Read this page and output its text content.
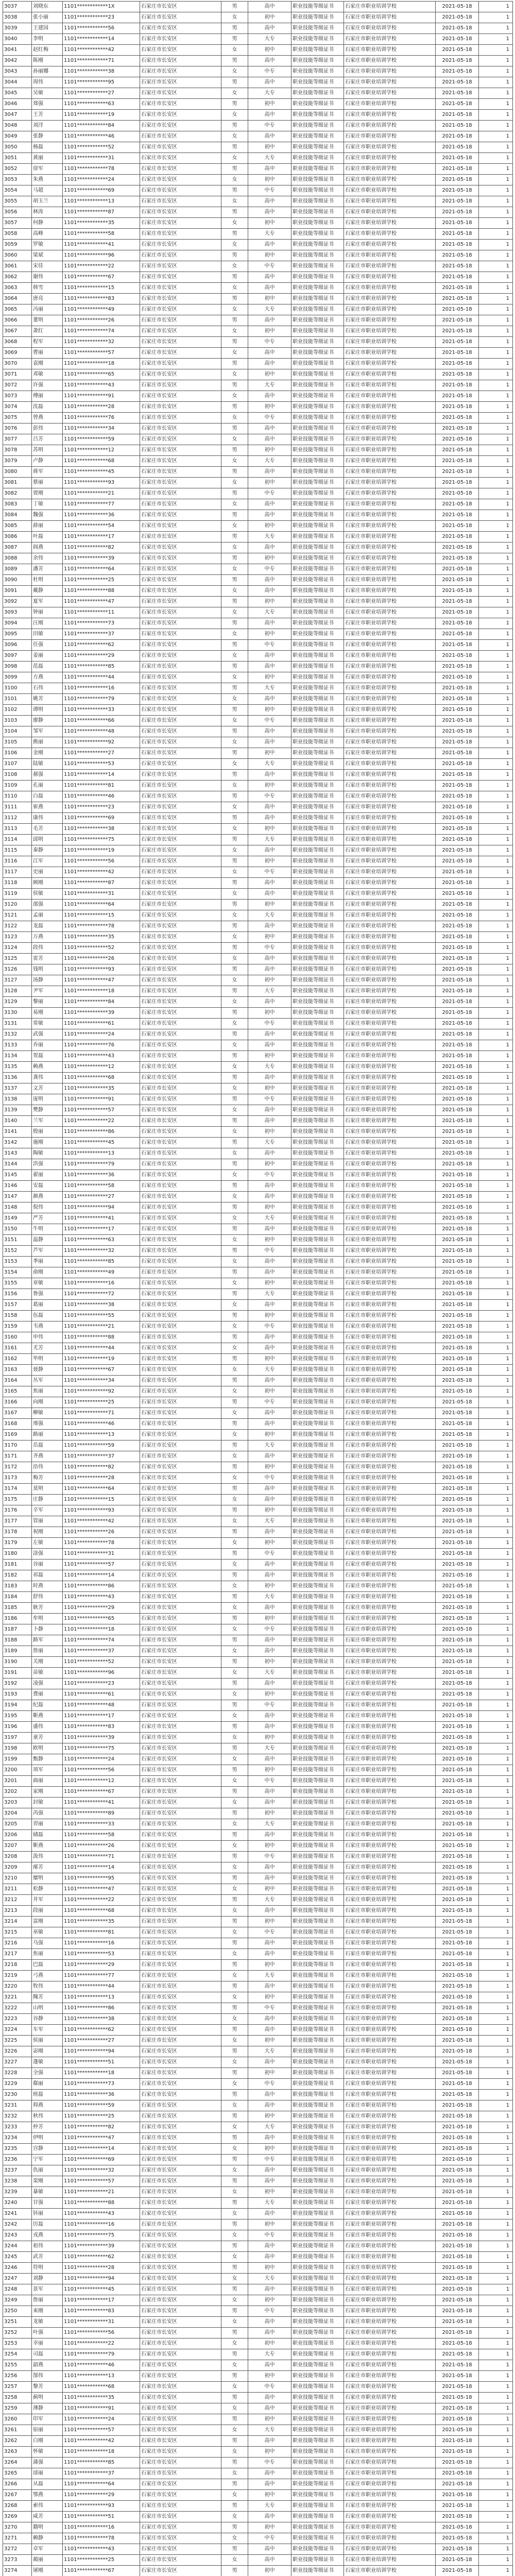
3037	刘晓东	1101************1X	石家庄市长安区	男	高中	职业技能等级证书	石家庄市职业培训学校	2021-05-18	1
3038	张小丽	1101************23	石家庄市长安区	女	初中	职业技能等级证书	石家庄市职业培训学校	2021-05-18	1
3039	王建国	1101************56	石家庄市长安区	男	高中	职业技能等级证书	石家庄市职业培训学校	2021-05-18	1
3040	李明	1101************14	石家庄市长安区	男	大专	职业技能等级证书	石家庄市职业培训学校	2021-05-18	1
3041	赵红梅	1101************42	石家庄市长安区	女	初中	职业技能等级证书	石家庄市职业培训学校	2021-05-18	1
3042	陈刚	1101************71	石家庄市长安区	男	高中	职业技能等级证书	石家庄市职业培训学校	2021-05-18	1
3043	孙丽娜	1101************38	石家庄市长安区	女	中专	职业技能等级证书	石家庄市职业培训学校	2021-05-18	1
3044	周伟	1101************95	石家庄市长安区	男	高中	职业技能等级证书	石家庄市职业培训学校	2021-05-18	1
3045	吴敏	1101************27	石家庄市长安区	女	大专	职业技能等级证书	石家庄市职业培训学校	2021-05-18	1
3046	郑强	1101************63	石家庄市长安区	男	初中	职业技能等级证书	石家庄市职业培训学校	2021-05-18	1
3047	王芳	1101************19	石家庄市长安区	女	高中	职业技能等级证书	石家庄市职业培训学校	2021-05-18	1
3048	刘洋	1101************84	石家庄市长安区	男	中专	职业技能等级证书	石家庄市职业培训学校	2021-05-18	1
3049	张静	1101************46	石家庄市长安区	女	高中	职业技能等级证书	石家庄市职业培训学校	2021-05-18	1
3050	杨磊	1101************52	石家庄市长安区	男	初中	职业技能等级证书	石家庄市职业培训学校	2021-05-18	1
3051	黄丽	1101************31	石家庄市长安区	女	大专	职业技能等级证书	石家庄市职业培训学校	2021-05-18	1
3052	徐军	1101************78	石家庄市长安区	男	高中	职业技能等级证书	石家庄市职业培训学校	2021-05-18	1
3053	朱燕	1101************24	石家庄市长安区	女	初中	职业技能等级证书	石家庄市职业培训学校	2021-05-18	1
3054	马超	1101************69	石家庄市长安区	男	中专	职业技能等级证书	石家庄市职业培训学校	2021-05-18	1
3055	胡玉兰	1101************13	石家庄市长安区	女	高中	职业技能等级证书	石家庄市职业培训学校	2021-05-18	1
3056	林涛	1101************87	石家庄市长安区	男	高中	职业技能等级证书	石家庄市职业培训学校	2021-05-18	1
3057	何静	1101************35	石家庄市长安区	女	初中	职业技能等级证书	石家庄市职业培训学校	2021-05-18	1
3058	高峰	1101************58	石家庄市长安区	男	大专	职业技能等级证书	石家庄市职业培训学校	2021-05-18	1
3059	罗敏	1101************41	石家庄市长安区	女	高中	职业技能等级证书	石家庄市职业培训学校	2021-05-18	1
3060	梁斌	1101************96	石家庄市长安区	男	初中	职业技能等级证书	石家庄市职业培训学校	2021-05-18	1
3061	宋佳	1101************22	石家庄市长安区	女	中专	职业技能等级证书	石家庄市职业培训学校	2021-05-18	1
3062	谢伟	1101************67	石家庄市长安区	男	高中	职业技能等级证书	石家庄市职业培训学校	2021-05-18	1
3063	韩雪	1101************15	石家庄市长安区	女	高中	职业技能等级证书	石家庄市职业培训学校	2021-05-18	1
3064	唐亮	1101************83	石家庄市长安区	男	初中	职业技能等级证书	石家庄市职业培训学校	2021-05-18	1
3065	冯丽	1101************49	石家庄市长安区	女	大专	职业技能等级证书	石家庄市职业培训学校	2021-05-18	1
3066	董明	1101************26	石家庄市长安区	男	高中	职业技能等级证书	石家庄市职业培训学校	2021-05-18	1
3067	萧红	1101************74	石家庄市长安区	女	初中	职业技能等级证书	石家庄市职业培训学校	2021-05-18	1
3068	程军	1101************32	石家庄市长安区	男	中专	职业技能等级证书	石家庄市职业培训学校	2021-05-18	1
3069	曹丽	1101************57	石家庄市长安区	女	高中	职业技能等级证书	石家庄市职业培训学校	2021-05-18	1
3070	袁刚	1101************18	石家庄市长安区	男	高中	职业技能等级证书	石家庄市职业培训学校	2021-05-18	1
3071	邓敏	1101************65	石家庄市长安区	女	初中	职业技能等级证书	石家庄市职业培训学校	2021-05-18	1
3072	许强	1101************43	石家庄市长安区	男	大专	职业技能等级证书	石家庄市职业培训学校	2021-05-18	1
3073	傅丽	1101************91	石家庄市长安区	女	高中	职业技能等级证书	石家庄市职业培训学校	2021-05-18	1
3074	沈磊	1101************28	石家庄市长安区	男	初中	职业技能等级证书	石家庄市职业培训学校	2021-05-18	1
3075	曾燕	1101************76	石家庄市长安区	女	中专	职业技能等级证书	石家庄市职业培训学校	2021-05-18	1
3076	彭伟	1101************34	石家庄市长安区	男	高中	职业技能等级证书	石家庄市职业培训学校	2021-05-18	1
3077	吕芳	1101************59	石家庄市长安区	女	高中	职业技能等级证书	石家庄市职业培训学校	2021-05-18	1
3078	苏明	1101************12	石家庄市长安区	男	初中	职业技能等级证书	石家庄市职业培训学校	2021-05-18	1
3079	卢静	1101************68	石家庄市长安区	女	大专	职业技能等级证书	石家庄市职业培训学校	2021-05-18	1
3080	蒋军	1101************45	石家庄市长安区	男	高中	职业技能等级证书	石家庄市职业培训学校	2021-05-18	1
3081	蔡丽	1101************93	石家庄市长安区	女	初中	职业技能等级证书	石家庄市职业培训学校	2021-05-18	1
3082	贾刚	1101************21	石家庄市长安区	男	中专	职业技能等级证书	石家庄市职业培训学校	2021-05-18	1
3083	丁敏	1101************77	石家庄市长安区	女	高中	职业技能等级证书	石家庄市职业培训学校	2021-05-18	1
3084	魏强	1101************36	石家庄市长安区	男	高中	职业技能等级证书	石家庄市职业培训学校	2021-05-18	1
3085	薛丽	1101************54	石家庄市长安区	女	初中	职业技能等级证书	石家庄市职业培训学校	2021-05-18	1
3086	叶磊	1101************17	石家庄市长安区	男	大专	职业技能等级证书	石家庄市职业培训学校	2021-05-18	1
3087	阎燕	1101************82	石家庄市长安区	女	高中	职业技能等级证书	石家庄市职业培训学校	2021-05-18	1
3088	余伟	1101************39	石家庄市长安区	男	初中	职业技能等级证书	石家庄市职业培训学校	2021-05-18	1
3089	潘芳	1101************64	石家庄市长安区	女	中专	职业技能等级证书	石家庄市职业培训学校	2021-05-18	1
3090	杜明	1101************25	石家庄市长安区	男	高中	职业技能等级证书	石家庄市职业培训学校	2021-05-18	1
3091	戴静	1101************88	石家庄市长安区	女	高中	职业技能等级证书	石家庄市职业培训学校	2021-05-18	1
3092	夏军	1101************47	石家庄市长安区	男	初中	职业技能等级证书	石家庄市职业培训学校	2021-05-18	1
3093	钟丽	1101************11	石家庄市长安区	女	大专	职业技能等级证书	石家庄市职业培训学校	2021-05-18	1
3094	汪刚	1101************73	石家庄市长安区	男	高中	职业技能等级证书	石家庄市职业培训学校	2021-05-18	1
3095	田敏	1101************37	石家庄市长安区	女	初中	职业技能等级证书	石家庄市职业培训学校	2021-05-18	1
3096	任强	1101************62	石家庄市长安区	男	中专	职业技能等级证书	石家庄市职业培训学校	2021-05-18	1
3097	姜丽	1101************29	石家庄市长安区	女	高中	职业技能等级证书	石家庄市职业培训学校	2021-05-18	1
3098	范磊	1101************85	石家庄市长安区	男	高中	职业技能等级证书	石家庄市职业培训学校	2021-05-18	1
3099	方燕	1101************44	石家庄市长安区	女	初中	职业技能等级证书	石家庄市职业培训学校	2021-05-18	1
3100	石伟	1101************16	石家庄市长安区	男	大专	职业技能等级证书	石家庄市职业培训学校	2021-05-18	1
3101	姚芳	1101************79	石家庄市长安区	女	高中	职业技能等级证书	石家庄市职业培训学校	2021-05-18	1
3102	谭明	1101************33	石家庄市长安区	男	初中	职业技能等级证书	石家庄市职业培训学校	2021-05-18	1
3103	廖静	1101************66	石家庄市长安区	女	中专	职业技能等级证书	石家庄市职业培训学校	2021-05-18	1
3104	邹军	1101************48	石家庄市长安区	男	高中	职业技能等级证书	石家庄市职业培训学校	2021-05-18	1
3105	熊丽	1101************92	石家庄市长安区	女	高中	职业技能等级证书	石家庄市职业培训学校	2021-05-18	1
3106	金刚	1101************27	石家庄市长安区	男	初中	职业技能等级证书	石家庄市职业培训学校	2021-05-18	1
3107	陆敏	1101************53	石家庄市长安区	女	大专	职业技能等级证书	石家庄市职业培训学校	2021-05-18	1
3108	郝强	1101************14	石家庄市长安区	男	高中	职业技能等级证书	石家庄市职业培训学校	2021-05-18	1
3109	孔丽	1101************81	石家庄市长安区	女	初中	职业技能等级证书	石家庄市职业培训学校	2021-05-18	1
3110	白磊	1101************46	石家庄市长安区	男	中专	职业技能等级证书	石家庄市职业培训学校	2021-05-18	1
3111	崔燕	1101************23	石家庄市长安区	女	高中	职业技能等级证书	石家庄市职业培训学校	2021-05-18	1
3112	康伟	1101************69	石家庄市长安区	男	高中	职业技能等级证书	石家庄市职业培训学校	2021-05-18	1
3113	毛芳	1101************38	石家庄市长安区	女	初中	职业技能等级证书	石家庄市职业培训学校	2021-05-18	1
3114	邱明	1101************75	石家庄市长安区	男	大专	职业技能等级证书	石家庄市职业培训学校	2021-05-18	1
3115	秦静	1101************19	石家庄市长安区	女	高中	职业技能等级证书	石家庄市职业培训学校	2021-05-18	1
3116	江军	1101************56	石家庄市长安区	男	初中	职业技能等级证书	石家庄市职业培训学校	2021-05-18	1
3117	史丽	1101************42	石家庄市长安区	女	中专	职业技能等级证书	石家庄市职业培训学校	2021-05-18	1
3118	顾刚	1101************87	石家庄市长安区	男	高中	职业技能等级证书	石家庄市职业培训学校	2021-05-18	1
3119	侯敏	1101************31	石家庄市长安区	女	高中	职业技能等级证书	石家庄市职业培训学校	2021-05-18	1
3120	邵强	1101************64	石家庄市长安区	男	初中	职业技能等级证书	石家庄市职业培训学校	2021-05-18	1
3121	孟丽	1101************15	石家庄市长安区	女	大专	职业技能等级证书	石家庄市职业培训学校	2021-05-18	1
3122	龙磊	1101************78	石家庄市长安区	男	高中	职业技能等级证书	石家庄市职业培训学校	2021-05-18	1
3123	万燕	1101************35	石家庄市长安区	女	初中	职业技能等级证书	石家庄市职业培训学校	2021-05-18	1
3124	段伟	1101************52	石家庄市长安区	男	中专	职业技能等级证书	石家庄市职业培训学校	2021-05-18	1
3125	雷芳	1101************26	石家庄市长安区	女	高中	职业技能等级证书	石家庄市职业培训学校	2021-05-18	1
3126	钱明	1101************93	石家庄市长安区	男	高中	职业技能等级证书	石家庄市职业培训学校	2021-05-18	1
3127	汤静	1101************47	石家庄市长安区	女	初中	职业技能等级证书	石家庄市职业培训学校	2021-05-18	1
3128	尹军	1101************18	石家庄市长安区	男	大专	职业技能等级证书	石家庄市职业培训学校	2021-05-18	1
3129	黎丽	1101************84	石家庄市长安区	女	高中	职业技能等级证书	石家庄市职业培训学校	2021-05-18	1
3130	易刚	1101************39	石家庄市长安区	男	初中	职业技能等级证书	石家庄市职业培训学校	2021-05-18	1
3131	常敏	1101************61	石家庄市长安区	女	中专	职业技能等级证书	石家庄市职业培训学校	2021-05-18	1
3132	武强	1101************24	石家庄市长安区	男	高中	职业技能等级证书	石家庄市职业培训学校	2021-05-18	1
3133	乔丽	1101************76	石家庄市长安区	女	高中	职业技能等级证书	石家庄市职业培训学校	2021-05-18	1
3134	贺磊	1101************43	石家庄市长安区	男	初中	职业技能等级证书	石家庄市职业培训学校	2021-05-18	1
3135	赖燕	1101************12	石家庄市长安区	女	大专	职业技能等级证书	石家庄市职业培训学校	2021-05-18	1
3136	龚伟	1101************68	石家庄市长安区	男	高中	职业技能等级证书	石家庄市职业培训学校	2021-05-18	1
3137	文芳	1101************35	石家庄市长安区	女	初中	职业技能等级证书	石家庄市职业培训学校	2021-05-18	1
3138	庞明	1101************91	石家庄市长安区	男	中专	职业技能等级证书	石家庄市职业培训学校	2021-05-18	1
3139	樊静	1101************57	石家庄市长安区	女	高中	职业技能等级证书	石家庄市职业培训学校	2021-05-18	1
3140	兰军	1101************22	石家庄市长安区	男	高中	职业技能等级证书	石家庄市职业培训学校	2021-05-18	1
3141	殷丽	1101************86	石家庄市长安区	女	初中	职业技能等级证书	石家庄市职业培训学校	2021-05-18	1
3142	施刚	1101************45	石家庄市长安区	男	大专	职业技能等级证书	石家庄市职业培训学校	2021-05-18	1
3143	陶敏	1101************13	石家庄市长安区	女	高中	职业技能等级证书	石家庄市职业培训学校	2021-05-18	1
3144	洪强	1101************79	石家庄市长安区	男	初中	职业技能等级证书	石家庄市职业培训学校	2021-05-18	1
3145	翟丽	1101************36	石家庄市长安区	女	中专	职业技能等级证书	石家庄市职业培训学校	2021-05-18	1
3146	安磊	1101************58	石家庄市长安区	男	高中	职业技能等级证书	石家庄市职业培训学校	2021-05-18	1
3147	颜燕	1101************27	石家庄市长安区	女	高中	职业技能等级证书	石家庄市职业培训学校	2021-05-18	1
3148	倪伟	1101************94	石家庄市长安区	男	初中	职业技能等级证书	石家庄市职业培训学校	2021-05-18	1
3149	严芳	1101************41	石家庄市长安区	女	大专	职业技能等级证书	石家庄市职业培训学校	2021-05-18	1
3150	牛明	1101************17	石家庄市长安区	男	高中	职业技能等级证书	石家庄市职业培训学校	2021-05-18	1
3151	温静	1101************63	石家庄市长安区	女	初中	职业技能等级证书	石家庄市职业培训学校	2021-05-18	1
3152	芦军	1101************32	石家庄市长安区	男	中专	职业技能等级证书	石家庄市职业培训学校	2021-05-18	1
3153	季丽	1101************85	石家庄市长安区	女	高中	职业技能等级证书	石家庄市职业培训学校	2021-05-18	1
3154	俞刚	1101************49	石家庄市长安区	男	高中	职业技能等级证书	石家庄市职业培训学校	2021-05-18	1
3155	章敏	1101************16	石家庄市长安区	女	初中	职业技能等级证书	石家庄市职业培训学校	2021-05-18	1
3156	鲁强	1101************72	石家庄市长安区	男	大专	职业技能等级证书	石家庄市职业培训学校	2021-05-18	1
3157	葛丽	1101************38	石家庄市长安区	女	高中	职业技能等级证书	石家庄市职业培训学校	2021-05-18	1
3158	伍磊	1101************55	石家庄市长安区	男	初中	职业技能等级证书	石家庄市职业培训学校	2021-05-18	1
3159	韦燕	1101************21	石家庄市长安区	女	中专	职业技能等级证书	石家庄市职业培训学校	2021-05-18	1
3160	申伟	1101************88	石家庄市长安区	男	高中	职业技能等级证书	石家庄市职业培训学校	2021-05-18	1
3161	尤芳	1101************44	石家庄市长安区	女	高中	职业技能等级证书	石家庄市职业培训学校	2021-05-18	1
3162	毕明	1101************19	石家庄市长安区	男	初中	职业技能等级证书	石家庄市职业培训学校	2021-05-18	1
3163	聂静	1101************67	石家庄市长安区	女	大专	职业技能等级证书	石家庄市职业培训学校	2021-05-18	1
3164	丛军	1101************34	石家庄市长安区	男	高中	职业技能等级证书	石家庄市职业培训学校	2021-05-18	1
3165	焦丽	1101************92	石家庄市长安区	女	初中	职业技能等级证书	石家庄市职业培训学校	2021-05-18	1
3166	向刚	1101************25	石家庄市长安区	男	中专	职业技能等级证书	石家庄市职业培训学校	2021-05-18	1
3167	柳敏	1101************71	石家庄市长安区	女	高中	职业技能等级证书	石家庄市职业培训学校	2021-05-18	1
3168	邢强	1101************46	石家庄市长安区	男	高中	职业技能等级证书	石家庄市职业培训学校	2021-05-18	1
3169	路丽	1101************13	石家庄市长安区	女	初中	职业技能等级证书	石家庄市职业培训学校	2021-05-18	1
3170	岳磊	1101************59	石家庄市长安区	男	大专	职业技能等级证书	石家庄市职业培训学校	2021-05-18	1
3171	齐燕	1101************37	石家庄市长安区	女	高中	职业技能等级证书	石家庄市职业培训学校	2021-05-18	1
3172	沿伟	1101************82	石家庄市长安区	男	初中	职业技能等级证书	石家庄市职业培训学校	2021-05-18	1
3173	梅芳	1101************28	石家庄市长安区	女	中专	职业技能等级证书	石家庄市职业培训学校	2021-05-18	1
3174	莫明	1101************64	石家庄市长安区	男	高中	职业技能等级证书	石家庄市职业培训学校	2021-05-18	1
3175	庄静	1101************15	石家庄市长安区	女	高中	职业技能等级证书	石家庄市职业培训学校	2021-05-18	1
3176	辛军	1101************93	石家庄市长安区	男	初中	职业技能等级证书	石家庄市职业培训学校	2021-05-18	1
3177	管丽	1101************42	石家庄市长安区	女	大专	职业技能等级证书	石家庄市职业培训学校	2021-05-18	1
3178	祝刚	1101************26	石家庄市长安区	男	高中	职业技能等级证书	石家庄市职业培训学校	2021-05-18	1
3179	左敏	1101************78	石家庄市长安区	女	初中	职业技能等级证书	石家庄市职业培训学校	2021-05-18	1
3180	涂强	1101************31	石家庄市长安区	男	中专	职业技能等级证书	石家庄市职业培训学校	2021-05-18	1
3181	谷丽	1101************57	石家庄市长安区	女	高中	职业技能等级证书	石家庄市职业培训学校	2021-05-18	1
3182	祁磊	1101************14	石家庄市长安区	男	高中	职业技能等级证书	石家庄市职业培训学校	2021-05-18	1
3183	时燕	1101************86	石家庄市长安区	女	初中	职业技能等级证书	石家庄市职业培训学校	2021-05-18	1
3184	舒伟	1101************43	石家庄市长安区	男	大专	职业技能等级证书	石家庄市职业培训学校	2021-05-18	1
3185	耿芳	1101************29	石家庄市长安区	女	高中	职业技能等级证书	石家庄市职业培训学校	2021-05-18	1
3186	牟明	1101************65	石家庄市长安区	男	初中	职业技能等级证书	石家庄市职业培训学校	2021-05-18	1
3187	卜静	1101************18	石家庄市长安区	女	中专	职业技能等级证书	石家庄市职业培训学校	2021-05-18	1
3188	路军	1101************74	石家庄市长安区	男	高中	职业技能等级证书	石家庄市职业培训学校	2021-05-18	1
3189	詹丽	1101************37	石家庄市长安区	女	高中	职业技能等级证书	石家庄市职业培训学校	2021-05-18	1
3190	关刚	1101************52	石家庄市长安区	男	初中	职业技能等级证书	石家庄市职业培训学校	2021-05-18	1
3191	苗敏	1101************96	石家庄市长安区	女	大专	职业技能等级证书	石家庄市职业培训学校	2021-05-18	1
3192	凌强	1101************23	石家庄市长安区	男	高中	职业技能等级证书	石家庄市职业培训学校	2021-05-18	1
3193	费丽	1101************61	石家庄市长安区	女	初中	职业技能等级证书	石家庄市职业培训学校	2021-05-18	1
3194	纪磊	1101************48	石家庄市长安区	男	中专	职业技能等级证书	石家庄市职业培训学校	2021-05-18	1
3195	靳燕	1101************17	石家庄市长安区	女	高中	职业技能等级证书	石家庄市职业培训学校	2021-05-18	1
3196	盛伟	1101************83	石家庄市长安区	男	高中	职业技能等级证书	石家庄市职业培训学校	2021-05-18	1
3197	童芳	1101************39	石家庄市长安区	女	初中	职业技能等级证书	石家庄市职业培训学校	2021-05-18	1
3198	欧明	1101************75	石家庄市长安区	男	大专	职业技能等级证书	石家庄市职业培训学校	2021-05-18	1
3199	甄静	1101************24	石家庄市长安区	女	高中	职业技能等级证书	石家庄市职业培训学校	2021-05-18	1
3200	项军	1101************56	石家庄市长安区	男	初中	职业技能等级证书	石家庄市职业培训学校	2021-05-18	1
3201	曲丽	1101************12	石家庄市长安区	女	中专	职业技能等级证书	石家庄市职业培训学校	2021-05-18	1
3202	家刚	1101************67	石家庄市长安区	男	高中	职业技能等级证书	石家庄市职业培训学校	2021-05-18	1
3203	封敏	1101************41	石家庄市长安区	女	高中	职业技能等级证书	石家庄市职业培训学校	2021-05-18	1
3204	芮强	1101************89	石家庄市长安区	男	初中	职业技能等级证书	石家庄市职业培训学校	2021-05-18	1
3205	羿丽	1101************33	石家庄市长安区	女	大专	职业技能等级证书	石家庄市职业培训学校	2021-05-18	1
3206	储磊	1101************58	石家庄市长安区	男	高中	职业技能等级证书	石家庄市职业培训学校	2021-05-18	1
3207	靳燕	1101************26	石家庄市长安区	女	初中	职业技能等级证书	石家庄市职业培训学校	2021-05-18	1
3208	汲伟	1101************71	石家庄市长安区	男	中专	职业技能等级证书	石家庄市职业培训学校	2021-05-18	1
3209	邴芳	1101************14	石家庄市长安区	女	高中	职业技能等级证书	石家庄市职业培训学校	2021-05-18	1
3210	糜明	1101************95	石家庄市长安区	男	高中	职业技能等级证书	石家庄市职业培训学校	2021-05-18	1
3211	松静	1101************47	石家庄市长安区	女	初中	职业技能等级证书	石家庄市职业培训学校	2021-05-18	1
3212	井军	1101************22	石家庄市长安区	男	大专	职业技能等级证书	石家庄市职业培训学校	2021-05-18	1
3213	段丽	1101************68	石家庄市长安区	女	高中	职业技能等级证书	石家庄市职业培训学校	2021-05-18	1
3214	富刚	1101************35	石家庄市长安区	男	初中	职业技能等级证书	石家庄市职业培训学校	2021-05-18	1
3215	巫敏	1101************81	石家庄市长安区	女	中专	职业技能等级证书	石家庄市职业培训学校	2021-05-18	1
3216	乌强	1101************16	石家庄市长安区	男	高中	职业技能等级证书	石家庄市职业培训学校	2021-05-18	1
3217	焦丽	1101************53	石家庄市长安区	女	高中	职业技能等级证书	石家庄市职业培训学校	2021-05-18	1
3218	巴磊	1101************29	石家庄市长安区	男	初中	职业技能等级证书	石家庄市职业培训学校	2021-05-18	1
3219	弓燕	1101************77	石家庄市长安区	女	大专	职业技能等级证书	石家庄市职业培训学校	2021-05-18	1
3220	牧伟	1101************44	石家庄市长安区	男	高中	职业技能等级证书	石家庄市职业培训学校	2021-05-18	1
3221	隗芳	1101************13	石家庄市长安区	女	初中	职业技能等级证书	石家庄市职业培训学校	2021-05-18	1
3222	山明	1101************86	石家庄市长安区	男	中专	职业技能等级证书	石家庄市职业培训学校	2021-05-18	1
3223	谷静	1101************38	石家庄市长安区	女	高中	职业技能等级证书	石家庄市职业培训学校	2021-05-18	1
3224	车军	1101************62	石家庄市长安区	男	高中	职业技能等级证书	石家庄市职业培训学校	2021-05-18	1
3225	侯丽	1101************27	石家庄市长安区	女	初中	职业技能等级证书	石家庄市职业培训学校	2021-05-18	1
3226	宓刚	1101************94	石家庄市长安区	男	大专	职业技能等级证书	石家庄市职业培训学校	2021-05-18	1
3227	蓬敏	1101************51	石家庄市长安区	女	高中	职业技能等级证书	石家庄市职业培训学校	2021-05-18	1
3228	全强	1101************18	石家庄市长安区	男	初中	职业技能等级证书	石家庄市职业培训学校	2021-05-18	1
3229	郗丽	1101************73	石家庄市长安区	女	中专	职业技能等级证书	石家庄市职业培训学校	2021-05-18	1
3230	班磊	1101************36	石家庄市长安区	男	高中	职业技能等级证书	石家庄市职业培训学校	2021-05-18	1
3231	仰燕	1101************59	石家庄市长安区	女	高中	职业技能等级证书	石家庄市职业培训学校	2021-05-18	1
3232	秋伟	1101************25	石家庄市长安区	男	初中	职业技能等级证书	石家庄市职业培训学校	2021-05-18	1
3233	仲芳	1101************82	石家庄市长安区	女	大专	职业技能等级证书	石家庄市职业培训学校	2021-05-18	1
3234	伊明	1101************47	石家庄市长安区	男	高中	职业技能等级证书	石家庄市职业培训学校	2021-05-18	1
3235	宫静	1101************14	石家庄市长安区	女	初中	职业技能等级证书	石家庄市职业培训学校	2021-05-18	1
3236	宁军	1101************69	石家庄市长安区	男	中专	职业技能等级证书	石家庄市职业培训学校	2021-05-18	1
3237	仇丽	1101************32	石家庄市长安区	女	高中	职业技能等级证书	石家庄市职业培训学校	2021-05-18	1
3238	栾刚	1101************57	石家庄市长安区	男	高中	职业技能等级证书	石家庄市职业培训学校	2021-05-18	1
3239	暴敏	1101************21	石家庄市长安区	女	初中	职业技能等级证书	石家庄市职业培训学校	2021-05-18	1
3240	甘强	1101************88	石家庄市长安区	男	大专	职业技能等级证书	石家庄市职业培训学校	2021-05-18	1
3241	钭丽	1101************43	石家庄市长安区	女	高中	职业技能等级证书	石家庄市职业培训学校	2021-05-18	1
3242	厉磊	1101************16	石家庄市长安区	男	初中	职业技能等级证书	石家庄市职业培训学校	2021-05-18	1
3243	戎燕	1101************75	石家庄市长安区	女	中专	职业技能等级证书	石家庄市职业培训学校	2021-05-18	1
3244	祖伟	1101************39	石家庄市长安区	男	高中	职业技能等级证书	石家庄市职业培训学校	2021-05-18	1
3245	武芳	1101************62	石家庄市长安区	女	高中	职业技能等级证书	石家庄市职业培训学校	2021-05-18	1
3246	符明	1101************28	石家庄市长安区	男	初中	职业技能等级证书	石家庄市职业培训学校	2021-05-18	1
3247	刘静	1101************94	石家庄市长安区	女	大专	职业技能等级证书	石家庄市职业培训学校	2021-05-18	1
3248	景军	1101************45	石家庄市长安区	男	高中	职业技能等级证书	石家庄市职业培训学校	2021-05-18	1
3249	詹丽	1101************17	石家庄市长安区	女	初中	职业技能等级证书	石家庄市职业培训学校	2021-05-18	1
3250	束刚	1101************83	石家庄市长安区	男	中专	职业技能等级证书	石家庄市职业培训学校	2021-05-18	1
3251	龙敏	1101************31	石家庄市长安区	女	高中	职业技能等级证书	石家庄市职业培训学校	2021-05-18	1
3252	叶强	1101************56	石家庄市长安区	男	高中	职业技能等级证书	石家庄市职业培训学校	2021-05-18	1
3253	幸丽	1101************22	石家庄市长安区	女	初中	职业技能等级证书	石家庄市职业培训学校	2021-05-18	1
3254	司磊	1101************79	石家庄市长安区	男	大专	职业技能等级证书	石家庄市职业培训学校	2021-05-18	1
3255	韶燕	1101************46	石家庄市长安区	女	高中	职业技能等级证书	石家庄市职业培训学校	2021-05-18	1
3256	郜伟	1101************13	石家庄市长安区	男	初中	职业技能等级证书	石家庄市职业培训学校	2021-05-18	1
3257	黎芳	1101************68	石家庄市长安区	女	中专	职业技能等级证书	石家庄市职业培训学校	2021-05-18	1
3258	蓟明	1101************35	石家庄市长安区	男	高中	职业技能等级证书	石家庄市职业培训学校	2021-05-18	1
3259	薄静	1101************91	石家庄市长安区	女	高中	职业技能等级证书	石家庄市职业培训学校	2021-05-18	1
3260	印军	1101************24	石家庄市长安区	男	初中	职业技能等级证书	石家庄市职业培训学校	2021-05-18	1
3261	宿丽	1101************57	石家庄市长安区	女	大专	职业技能等级证书	石家庄市职业培训学校	2021-05-18	1
3262	白刚	1101************42	石家庄市长安区	男	高中	职业技能等级证书	石家庄市职业培训学校	2021-05-18	1
3263	怀敏	1101************18	石家庄市长安区	女	初中	职业技能等级证书	石家庄市职业培训学校	2021-05-18	1
3264	蒲强	1101************85	石家庄市长安区	男	中专	职业技能等级证书	石家庄市职业培训学校	2021-05-18	1
3265	邰丽	1101************37	石家庄市长安区	女	高中	职业技能等级证书	石家庄市职业培训学校	2021-05-18	1
3266	从磊	1101************64	石家庄市长安区	男	高中	职业技能等级证书	石家庄市职业培训学校	2021-05-18	1
3267	鄂燕	1101************29	石家庄市长安区	女	初中	职业技能等级证书	石家庄市职业培训学校	2021-05-18	1
3268	索伟	1101************93	石家庄市长安区	男	大专	职业技能等级证书	石家庄市职业培训学校	2021-05-18	1
3269	咸芳	1101************51	石家庄市长安区	女	高中	职业技能等级证书	石家庄市职业培训学校	2021-05-18	1
3270	籍明	1101************16	石家庄市长安区	男	初中	职业技能等级证书	石家庄市职业培训学校	2021-05-18	1
3271	赖静	1101************78	石家庄市长安区	女	中专	职业技能等级证书	石家庄市职业培训学校	2021-05-18	1
3272	卓军	1101************43	石家庄市长安区	男	高中	职业技能等级证书	石家庄市职业培训学校	2021-05-18	1
3273	蔺丽	1101************25	石家庄市长安区	女	高中	职业技能等级证书	石家庄市职业培训学校	2021-05-18	1
3274	屠刚	1101************67	石家庄市长安区	男	初中	职业技能等级证书	石家庄市职业培训学校	2021-05-18	1
